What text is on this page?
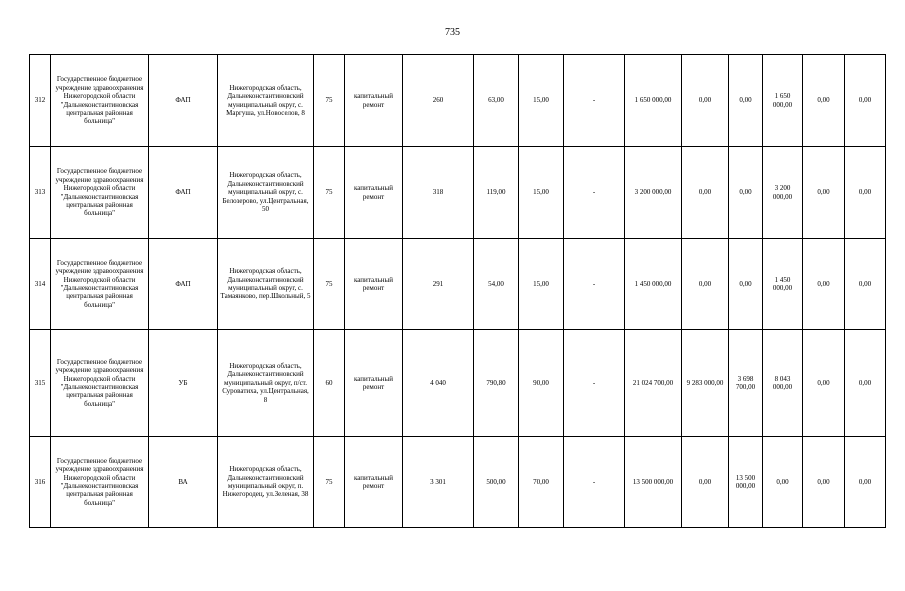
735
312	Государственное бюджетное учреждение здравоохранения Нижегородской области "Дальнеконстантиновская центральная районная больница"	ФАП	Нижегородская область, Дальнеконстантиновский муниципальный округ, с. Маргуша, ул.Новоселов, 8	75	капитальный ремонт	260	63,00	15,00	-	1 650 000,00	0,00	0,00	1 650 000,00	0,00	0,00
313	Государственное бюджетное учреждение здравоохранения Нижегородской области "Дальнеконстантиновская центральная районная больница"	ФАП	Нижегородская область, Дальнеконстантиновский муниципальный округ, с. Белозерово, ул.Центральная, 50	75	капитальный ремонт	318	119,00	15,00	-	3 200 000,00	0,00	0,00	3 200 000,00	0,00	0,00
314	Государственное бюджетное учреждение здравоохранения Нижегородской области "Дальнеконстантиновская центральная районная больница"	ФАП	Нижегородская область, Дальнеконстантиновский муниципальный округ, с. Тамаянково, пер.Школьный, 5	75	капитальный ремонт	291	54,00	15,00	-	1 450 000,00	0,00	0,00	1 450 000,00	0,00	0,00
315	Государственное бюджетное учреждение здравоохранения Нижегородской области "Дальнеконстантиновская центральная районная больница"	УБ	Нижегородская область, Дальнеконстантиновский муниципальный округ, п/ст. Суроватиха, ул.Центральная, 8	60	капитальный ремонт	4 040	790,80	90,00	-	21 024 700,00	9 283 000,00	3 698 700,00	8 043 000,00	0,00	0,00
316	Государственное бюджетное учреждение здравоохранения Нижегородской области "Дальнеконстантиновская центральная районная больница"	ВА	Нижегородская область, Дальнеконстантиновский муниципальный округ, п. Нижегородец, ул.Зеленая, 38	75	капитальный ремонт	3 301	500,00	70,00	-	13 500 000,00	0,00	13 500 000,00	0,00	0,00	0,00
